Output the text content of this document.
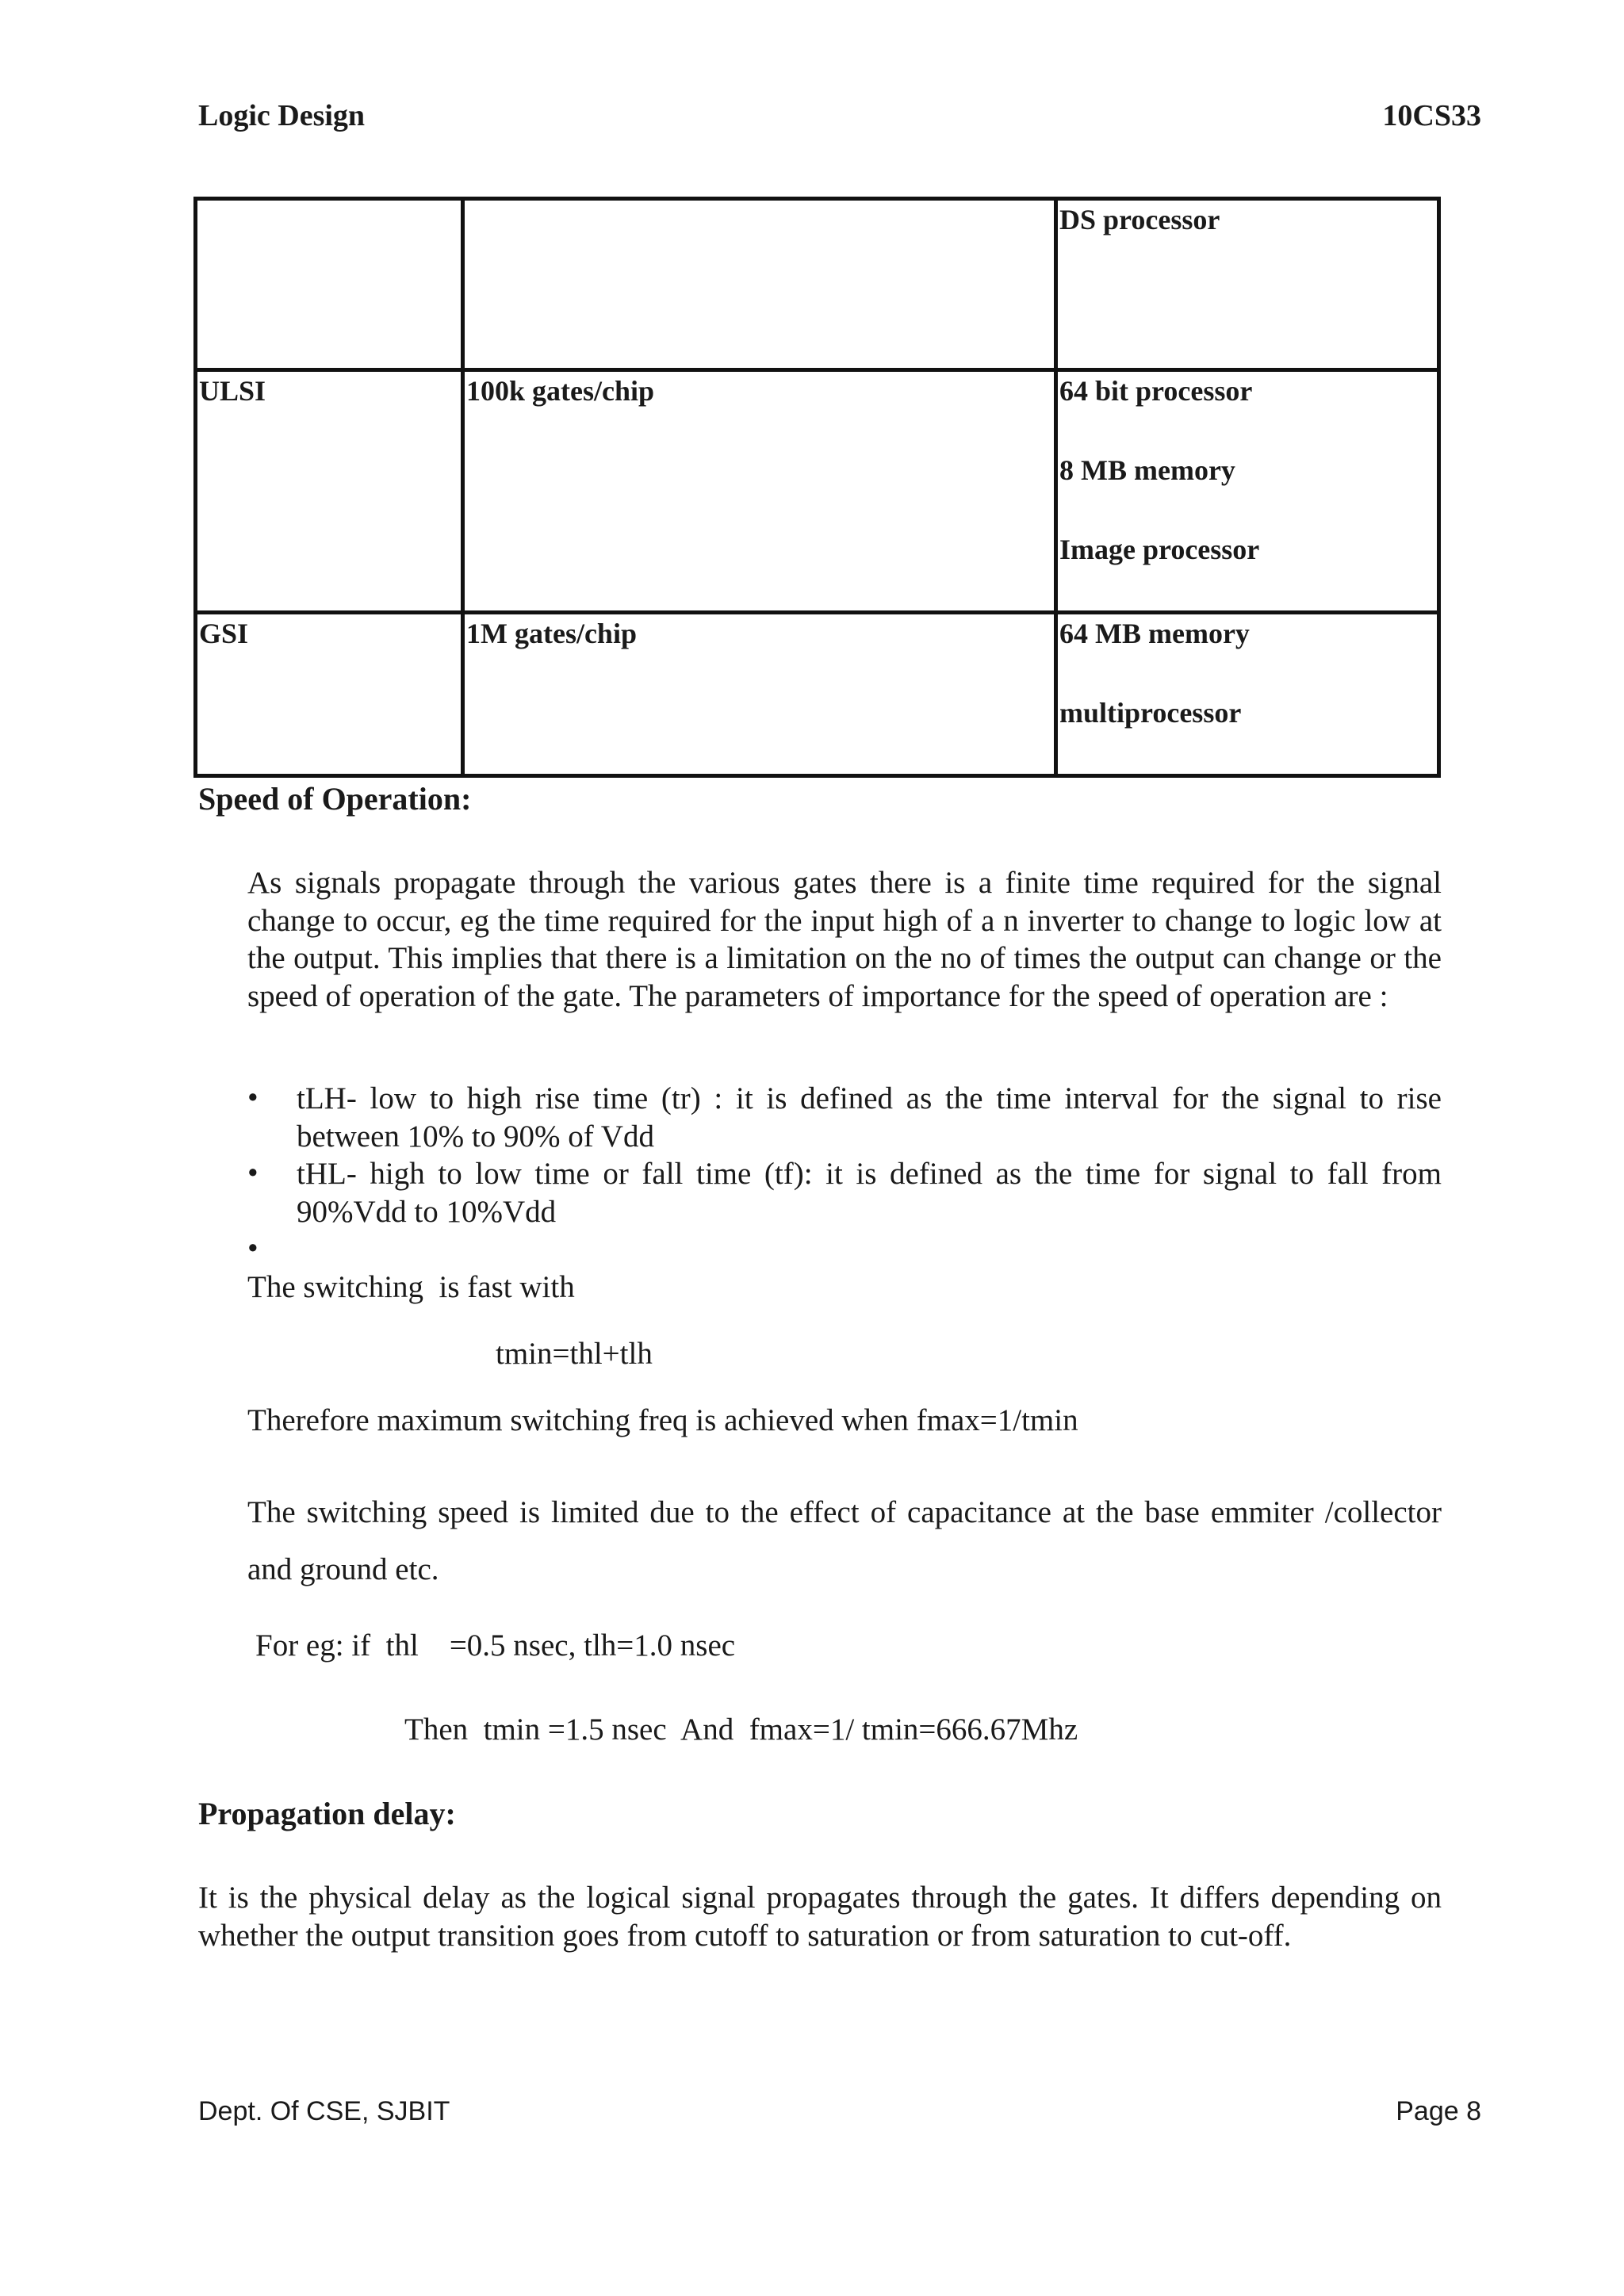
Logic Design	10CS33

		DS processor

ULSI	100k gates/chip	64 bit processor
8 MB memory
Image processor

GSI	1M gates/chip	64 MB memory
multiprocessor
Speed of Operation:
As signals propagate through the various gates there is a finite time required for the signal change to occur, eg the time required for the input high of a n inverter to change to logic low at the output. This implies that there is a limitation on the no of times the output can change or the speed of operation of the gate. The parameters of importance for the speed of operation are :
• tLH- low to high rise time (tr) : it is defined as the time interval for the signal to rise between 10% to 90% of Vdd
• tHL- high to low time or fall time (tf): it is defined as the time for signal to fall from 90%Vdd to 10%Vdd
•
The switching  is fast with
tmin=thl+tlh
Therefore maximum switching freq is achieved when fmax=1/tmin
The switching speed is limited due to the effect of capacitance at the base emmiter /collector and ground etc.
For eg: if  thl    =0.5 nsec, tlh=1.0 nsec
Then  tmin =1.5 nsec  And  fmax=1/ tmin=666.67Mhz
Propagation delay:
It is the physical delay as the logical signal propagates through the gates. It differs depending on whether the output transition goes from cutoff to saturation or from saturation to cut-off.
Dept. Of CSE, SJBIT	Page 8
